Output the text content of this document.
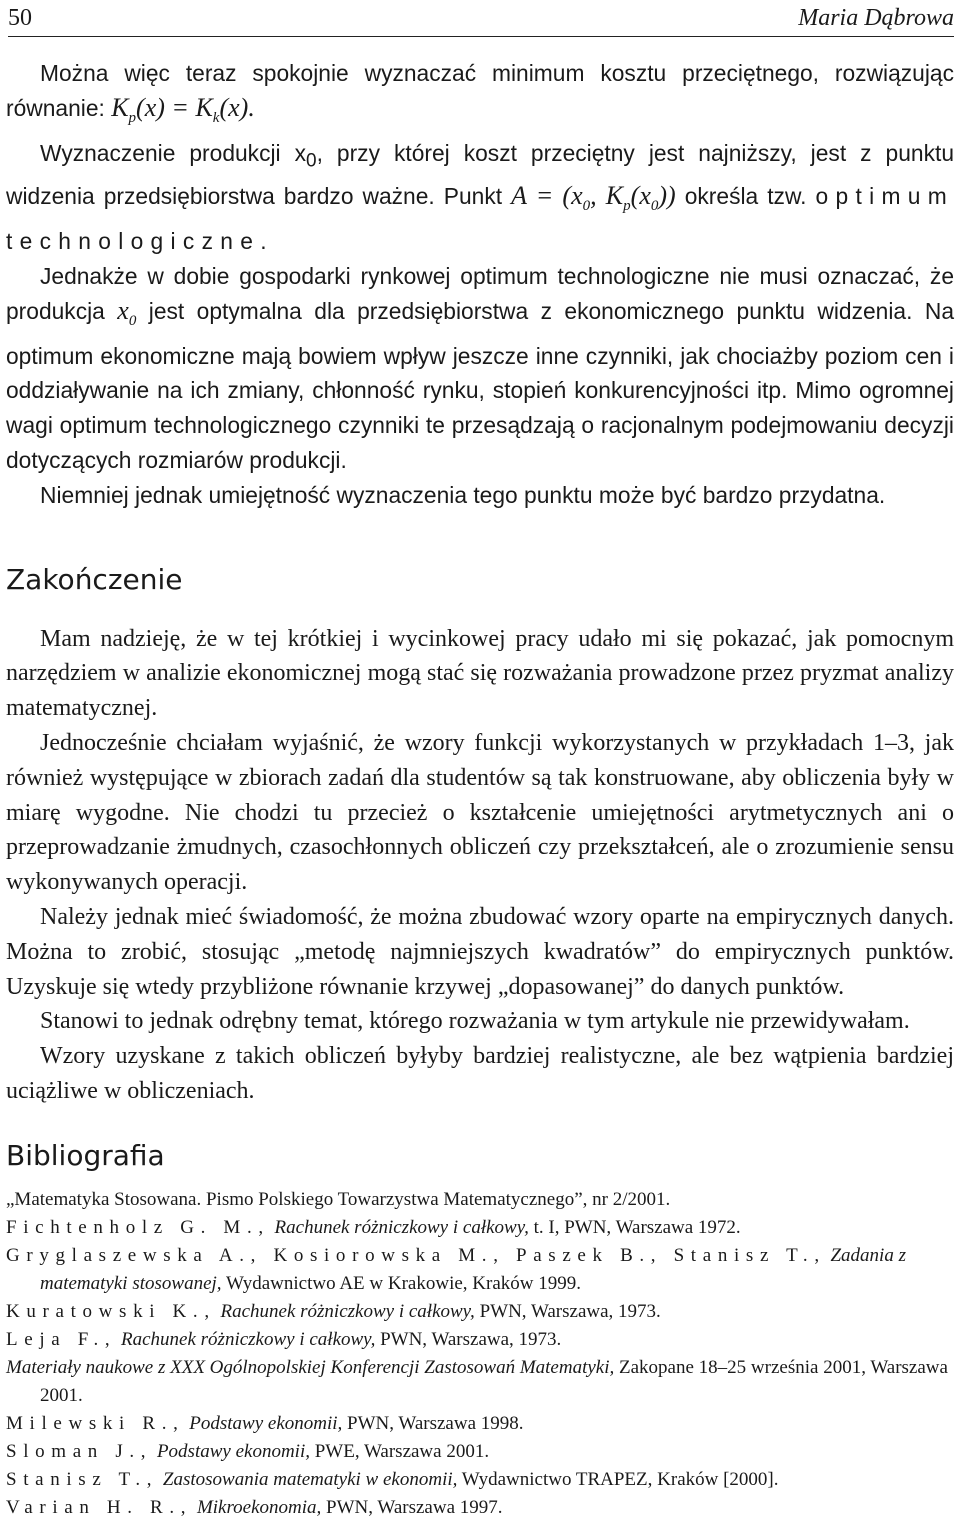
50	Maria Dąbrowa

Można więc teraz spokojnie wyznaczać minimum kosztu przeciętnego, rozwiązując równanie: $K_p(x) = K_k(x)$.

Wyznaczenie produkcji $x_0$, przy której koszt przeciętny jest najniższy, jest z punktu widzenia przedsiębiorstwa bardzo ważne. Punkt $A = (x_0$, $K_p(x_0)$) określa tzw. optimum technologiczne.

Jednakże w dobie gospodarki rynkowej optimum technologiczne nie musi oznaczać, że produkcja $x_0$ jest optymalna dla przedsiębiorstwa z ekonomicznego punktu widzenia. Na optimum ekonomiczne mają bowiem wpływ jeszcze inne czynniki, jak chociażby poziom cen i oddziaływanie na ich zmiany, chłonność rynku, stopień konkurencyjności itp. Mimo ogromnej wagi optimum technologicznego czynniki te przesądzają o racjonalnym podejmowaniu decyzji dotyczących rozmiarów produkcji.

Niemniej jednak umiejętność wyznaczenia tego punktu może być bardzo przydatna.

Zakończenie

Mam nadzieję, że w tej krótkiej i wycinkowej pracy udało mi się pokazać, jak pomocnym narzędziem w analizie ekonomicznej mogą stać się rozważania prowadzone przez pryzmat analizy matematycznej.

Jednocześnie chciałam wyjaśnić, że wzory funkcji wykorzystanych w przykładach 1–3, jak również występujące w zbiorach zadań dla studentów są tak konstruowane, aby obliczenia były w miarę wygodne. Nie chodzi tu przecież o kształcenie umiejętności arytmetycznych ani o przeprowadzanie żmudnych, czasochłonnych obliczeń czy przekształceń, ale o zrozumienie sensu wykonywanych operacji.

Należy jednak mieć świadomość, że można zbudować wzory oparte na empirycznych danych. Można to zrobić, stosując „metodę najmniejszych kwadratów” do empirycznych punktów. Uzyskuje się wtedy przybliżone równanie krzywej „dopasowanej” do danych punktów.

Stanowi to jednak odrębny temat, którego rozważania w tym artykule nie przewidywałam.

Wzory uzyskane z takich obliczeń byłyby bardziej realistyczne, ale bez wątpienia bardziej uciążliwe w obliczeniach.

Bibliografia

„Matematyka Stosowana. Pismo Polskiego Towarzystwa Matematycznego”, nr 2/2001.

Fichtenholz G. M., Rachunek różniczkowy i całkowy, t. I, PWN, Warszawa 1972.

Gryglaszewska A., Kosiorowska M., Paszek B., Stanisz T., Zadania z matematyki stosowanej, Wydawnictwo AE w Krakowie, Kraków 1999.

Kuratowski K., Rachunek różniczkowy i całkowy, PWN, Warszawa, 1973.

Leja F., Rachunek różniczkowy i całkowy, PWN, Warszawa, 1973.

Materiały naukowe z XXX Ogólnopolskiej Konferencji Zastosowań Matematyki, Zakopane 18–25 września 2001, Warszawa 2001.

Milewski R., Podstawy ekonomii, PWN, Warszawa 1998.

Sloman J., Podstawy ekonomii, PWE, Warszawa 2001.

Stanisz T., Zastosowania matematyki w ekonomii, Wydawnictwo TRAPEZ, Kraków [2000].

Varian H. R., Mikroekonomia, PWN, Warszawa 1997.
